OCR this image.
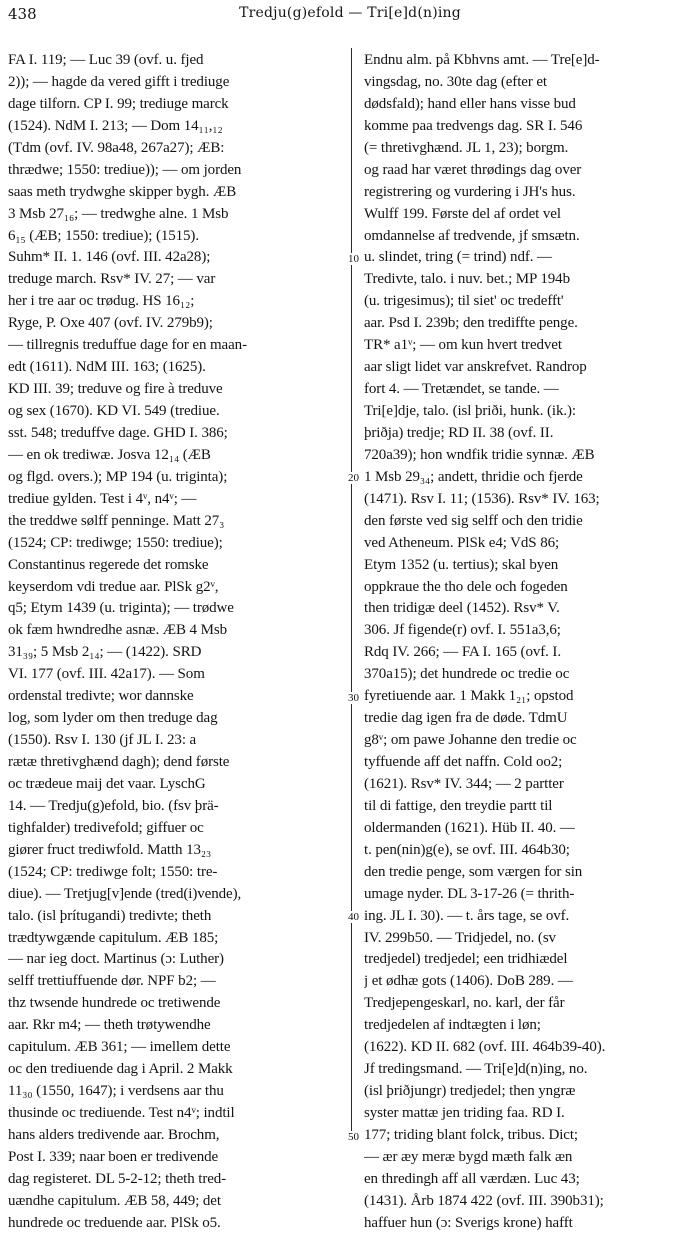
438	Tredju(g)efold — Tri[e]d(n)ing
FA I. 119; — Luc 39 (ovf. u. fjed
2)); — hagde da vered gifft i trediuge
dage tilforn. CP I. 99; trediuge marck
(1524). NdM I. 213; — Dom 14₁₁,₁₂
(Tdm (ovf. IV. 98a48, 267a27); ÆB:
thrædwe; 1550: trediue)); — om jorden
saas meth trydwghe skipper bygh. ÆB
3 Msb 27₁₆; — tredwghe alne. 1 Msb
6₁₅ (ÆB; 1550: trediue); (1515).
Suhm* II. 1. 146 (ovf. III. 42a28);
treduge march. Rsv* IV. 27; — var
her i tre aar oc trødug. HS 16₁₂;
Ryge, P. Oxe 407 (ovf. IV. 279b9);
— tillregnis treduffue dage for en maan-
edt (1611). NdM III. 163; (1625).
KD III. 39; treduve og fire à treduve
og sex (1670). KD VI. 549 (trediue.
sst. 548; treduffve dage. GHD I. 386;
— en ok trediwæ. Josva 12₁₄ (ÆB
og flgd. overs.); MP 194 (u. triginta);
trediue gylden. Test i 4ᵛ, n4ᵛ; —
the treddwe sølff penninge. Matt 27₃
(1524; CP: trediwge; 1550: trediue);
Constantinus regerede det romske
keyserdom vdi tredue aar. PlSk g2ᵛ,
q5; Etym 1439 (u. triginta); — trødwe
ok fæm hwndredhe asnæ. ÆB 4 Msb
31₃₉; 5 Msb 2₁₄; — (1422). SRD
VI. 177 (ovf. III. 42a17). — Som
ordenstal tredivte; wor dannske
log, som lyder om then treduge dag
(1550). Rsv I. 130 (jf JL I. 23: a
rætæ thretivghænd dagh); dend første
oc trædeue maij det vaar. LyschG
14. — Tredju(g)efold, bio. (fsv þrä-
tighfalder) tredivefold; giffuer oc
giører fruct trediwfold. Matth 13₂₃
(1524; CP: trediwge folt; 1550: tre-
diue). — Tretjug[v]ende (tred(i)vende),
talo. (isl þrítugandi) tredivte; theth
trædtywgænde capitulum. ÆB 185;
— nar ieg doct. Martinus (ɔ: Luther)
selff trettiuffuende dør. NPF b2; —
thz twsende hundrede oc tretiwende
aar. Rkr m4; — theth trøtywendhe
capitulum. ÆB 361; — imellem dette
oc den trediuende dag i April. 2 Makk
11₃₀ (1550, 1647); i verdsens aar thu
thusinde oc trediuende. Test n4ᵛ; indtil
hans alders tredivende aar. Brochm,
Post I. 339; naar boen er tredivende
dag registeret. DL 5-2-12; theth tred-
uændhe capitulum. ÆB 58, 449; det
hundrede oc treduende aar. PlSk o5.
Endnu alm. på Kbhvns amt. — Tre[e]d-
vingsdag, no. 30te dag (efter et
dødsfald); hand eller hans visse bud
komme paa tredvengs dag. SR I. 546
(= thretivghænd. JL 1, 23); borgm.
og raad har været thrødings dag over
registrering og vurdering i JH's hus.
Wulff 199. Første del af ordet vel
omdannelse af tredvende, jf smsætn.
u. slindet, tring (= trind) ndf. —
Tredivte, talo. i nuv. bet.; MP 194b
(u. trigesimus); til siet' oc tredefft'
aar. Psd I. 239b; den trediffte penge.
TR* a1ᵛ; — om kun hvert tredvet
aar sligt lidet var anskrefvet. Randrop
fort 4. — Tretændet, se tande. —
Tri[e]dje, talo. (isl þriði, hunk. (ik.):
þriðja) tredje; RD II. 38 (ovf. II.
720a39); hon wndfik tridie synnæ. ÆB
1 Msb 29₃₄; andett, thridie och fjerde
(1471). Rsv I. 11; (1536). Rsv* IV. 163;
den første ved sig selff och den tridie
ved Atheneum. PlSk e4; VdS 86;
Etym 1352 (u. tertius); skal byen
oppkraue the tho dele och fogeden
then tridigæ deel (1452). Rsv* V.
306. Jf figende(r) ovf. I. 551a3,6;
Rdq IV. 266; — FA I. 165 (ovf. I.
370a15); det hundrede oc tredie oc
fyretiuende aar. 1 Makk 1₂₁; opstod
tredie dag igen fra de døde. TdmU
g8ᵛ; om pawe Johanne den tredie oc
tyffuende aff det naffn. Cold oo2;
(1621). Rsv* IV. 344; — 2 partter
til di fattige, den treydie partt til
oldermanden (1621). Hüb II. 40. —
t. pen(nin)g(e), se ovf. III. 464b30;
den tredie penge, som værgen for sin
umage nyder. DL 3-17-26 (= thrith-
ing. JL I. 30). — t. års tage, se ovf.
IV. 299b50. — Tridjedel, no. (sv
tredjedel) tredjedel; een tridhiædel
j et ødhæ gots (1406). DoB 289. —
Tredjepengeskarl, no. karl, der får
tredjedelen af indtægten i løn;
(1622). KD II. 682 (ovf. III. 464b39-40).
Jf tredingsmand. — Tri[e]d(n)ing, no.
(isl þriðjungr) tredjedel; then yngræ
syster mattæ jen triding faa. RD I.
177; triding blant folck, tribus. Dict;
— ær æy meræ bygd mæth falk æn
en thredingh aff all værdæn. Luc 43;
(1431). Årb 1874 422 (ovf. III. 390b31);
haffuer hun (ɔ: Sverigs krone) hafft
10
20
30
40
50
